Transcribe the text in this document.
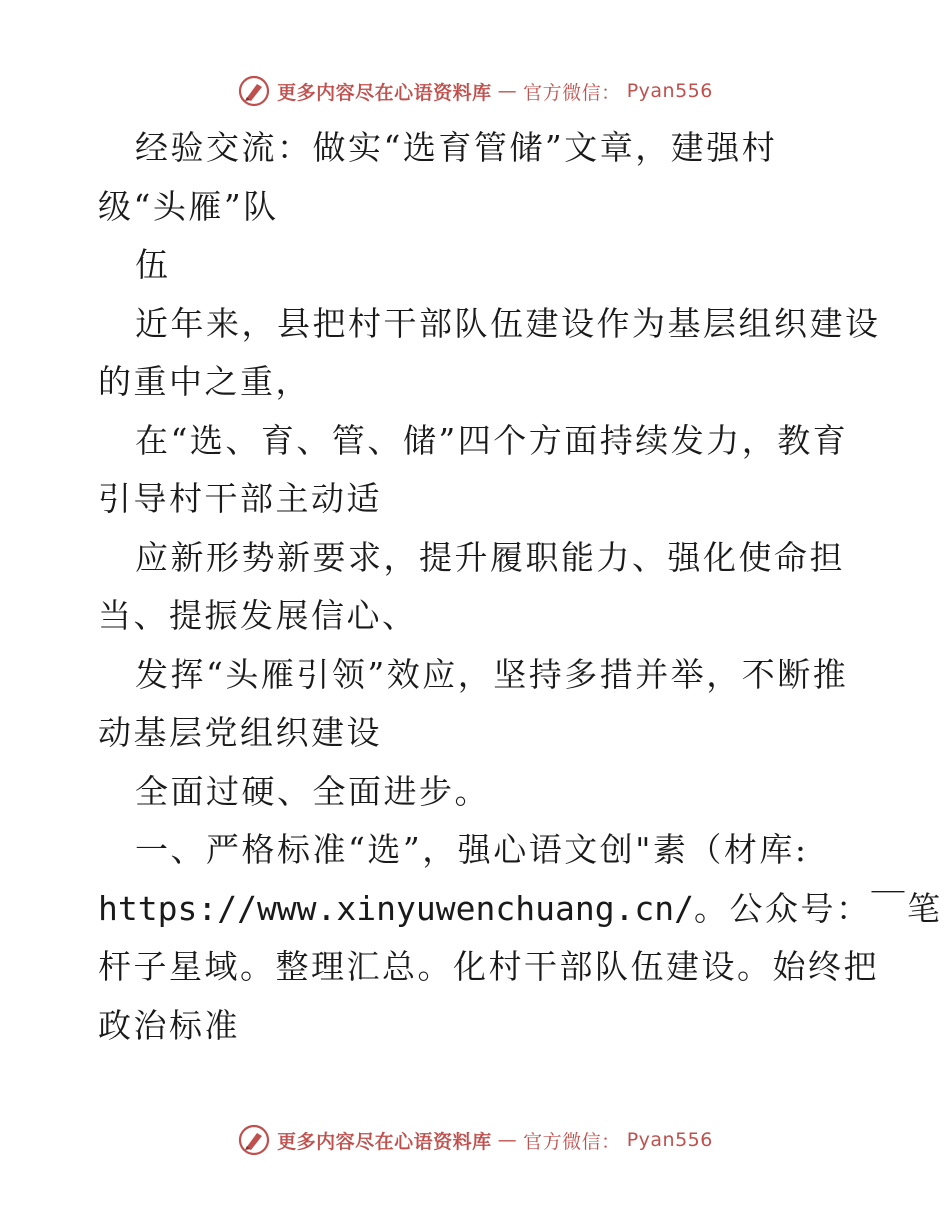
更多内容尽在心语资料库 — 官方微信： Pyan556
经验交流：做实“选育管储”文章，建强村
级“头雁”队
伍
近年来，县把村干部队伍建设作为基层组织建设
的重中之重，
在“选、育、管、储”四个方面持续发力，教育
引导村干部主动适
应新形势新要求，提升履职能力、强化使命担
当、提振发展信心、
发挥“头雁引领”效应，坚持多措并举，不断推
动基层党组织建设
全面过硬、全面进步。
一、严格标准“选”，强心语文创"素（材库:
https://www.xinyuwenchuang.cn/。公众号：￣笔
杆子星域。整理汇总。化村干部队伍建设。始终把
政治标准
更多内容尽在心语资料库 — 官方微信： Pyan556
